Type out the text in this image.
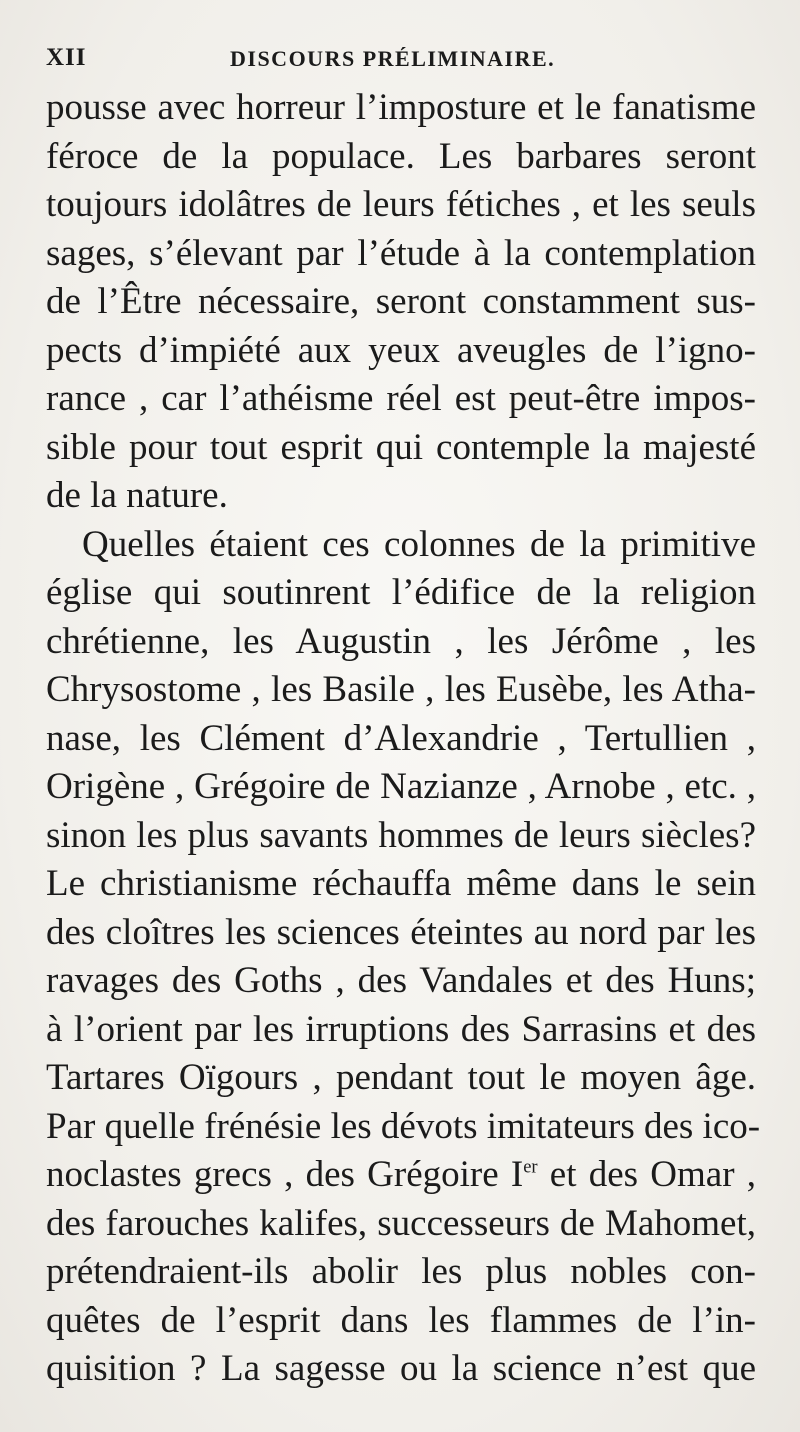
XII	DISCOURS PRÉLIMINAIRE.
pousse avec horreur l’imposture et le fanatisme
féroce de la populace. Les barbares seront
toujours idolâtres de leurs fétiches , et les seuls
sages, s’élevant par l’étude à la contemplation
de l’Être nécessaire, seront constamment sus-
pects d’impiété aux yeux aveugles de l’igno-
rance , car l’athéisme réel est peut-être impos-
sible pour tout esprit qui contemple la majesté
de la nature.
Quelles étaient ces colonnes de la primitive
église qui soutinrent l’édifice de la religion
chrétienne, les Augustin , les Jérôme , les
Chrysostome , les Basile , les Eusèbe, les Atha-
nase, les Clément d’Alexandrie , Tertullien ,
Origène , Grégoire de Nazianze , Arnobe , etc. ,
sinon les plus savants hommes de leurs siècles?
Le christianisme réchauffa même dans le sein
des cloîtres les sciences éteintes au nord par les
ravages des Goths , des Vandales et des Huns;
à l’orient par les irruptions des Sarrasins et des
Tartares Oïgours , pendant tout le moyen âge.
Par quelle frénésie les dévots imitateurs des ico-
noclastes grecs , des Grégoire Ier et des Omar ,
des farouches kalifes, successeurs de Mahomet,
prétendraient-ils abolir les plus nobles con-
quêtes de l’esprit dans les flammes de l’in-
quisition ? La sagesse ou la science n’est que
